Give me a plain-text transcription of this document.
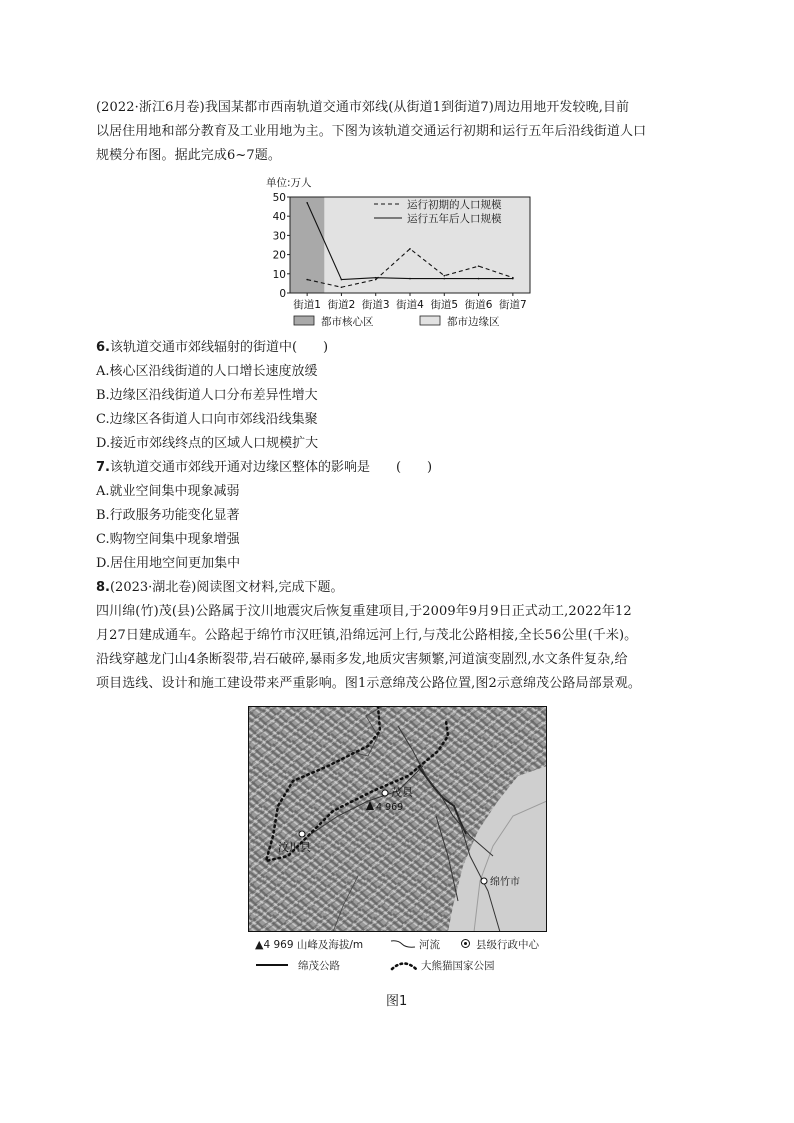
(2022·浙江6月卷)我国某都市西南轨道交通市郊线(从街道1到街道7)周边用地开发较晚,目前
以居住用地和部分教育及工业用地为主。下图为该轨道交通运行初期和运行五年后沿线街道人口
规模分布图。据此完成6~7题。
单位:万人
0
10
20
30
40
50
街道1 街道2 街道3 街道4 街道5 街道6 街道7
运行初期的人口规模
运行五年后人口规模
都市核心区	都市边缘区
6.该轨道交通市郊线辐射的街道中(　　)
A.核心区沿线街道的人口增长速度放缓
B.边缘区沿线街道人口分布差异性增大
C.边缘区各街道人口向市郊线沿线集聚
D.接近市郊线终点的区域人口规模扩大
7.该轨道交通市郊线开通对边缘区整体的影响是　　(　　)
A.就业空间集中现象减弱
B.行政服务功能变化显著
C.购物空间集中现象增强
D.居住用地空间更加集中
8.(2023·湖北卷)阅读图文材料,完成下题。
四川绵(竹)茂(县)公路属于汶川地震灾后恢复重建项目,于2009年9月9日正式动工,2022年12
月27日建成通车。公路起于绵竹市汉旺镇,沿绵远河上行,与茂北公路相接,全长56公里(千米)。
沿线穿越龙门山4条断裂带,岩石破碎,暴雨多发,地质灾害频繁,河道演变剧烈,水文条件复杂,给
项目选线、设计和施工建设带来严重影响。图1示意绵茂公路位置,图2示意绵茂公路局部景观。
茂县
4 969
汶川县
绵竹市
▲4 969 山峰及海拔/m	河流	县级行政中心
绵茂公路	大熊猫国家公园
图1
